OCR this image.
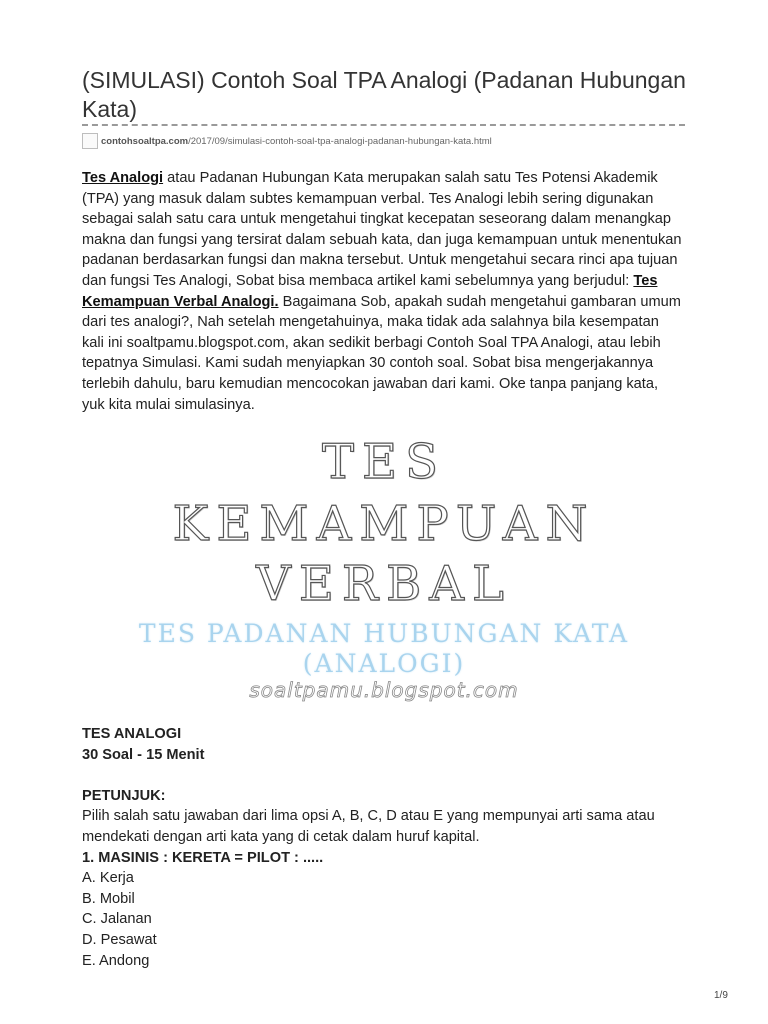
(SIMULASI) Contoh Soal TPA Analogi (Padanan Hubungan Kata)
contohsoaltpa.com/2017/09/simulasi-contoh-soal-tpa-analogi-padanan-hubungan-kata.html

Tes Analogi atau Padanan Hubungan Kata merupakan salah satu Tes Potensi Akademik (TPA) yang masuk dalam subtes kemampuan verbal. Tes Analogi lebih sering digunakan sebagai salah satu cara untuk mengetahui tingkat kecepatan seseorang dalam menangkap makna dan fungsi yang tersirat dalam sebuah kata, dan juga kemampuan untuk menentukan padanan berdasarkan fungsi dan makna tersebut. Untuk mengetahui secara rinci apa tujuan dan fungsi Tes Analogi, Sobat bisa membaca artikel kami sebelumnya yang berjudul: Tes Kemampuan Verbal Analogi. Bagaimana Sob, apakah sudah mengetahui gambaran umum dari tes analogi?, Nah setelah mengetahuinya, maka tidak ada salahnya bila kesempatan kali ini soaltpamu.blogspot.com, akan sedikit berbagi Contoh Soal TPA Analogi, atau lebih tepatnya Simulasi. Kami sudah menyiapkan 30 contoh soal. Sobat bisa mengerjakannya terlebih dahulu, baru kemudian mencocokan jawaban dari kami. Oke tanpa panjang kata, yuk kita mulai simulasinya.

TES
KEMAMPUAN
VERBAL
TES PADANAN HUBUNGAN KATA
(ANALOGI)
soaltpamu.blogspot.com

TES ANALOGI

30 Soal - 15 Menit

PETUNJUK:

Pilih salah satu jawaban dari lima opsi A, B, C, D atau E yang mempunyai arti sama atau mendekati dengan arti kata yang di cetak dalam huruf kapital.

1. MASINIS : KERETA = PILOT : .....

A. Kerja

B. Mobil

C. Jalanan

D. Pesawat

E. Andong

1/9
